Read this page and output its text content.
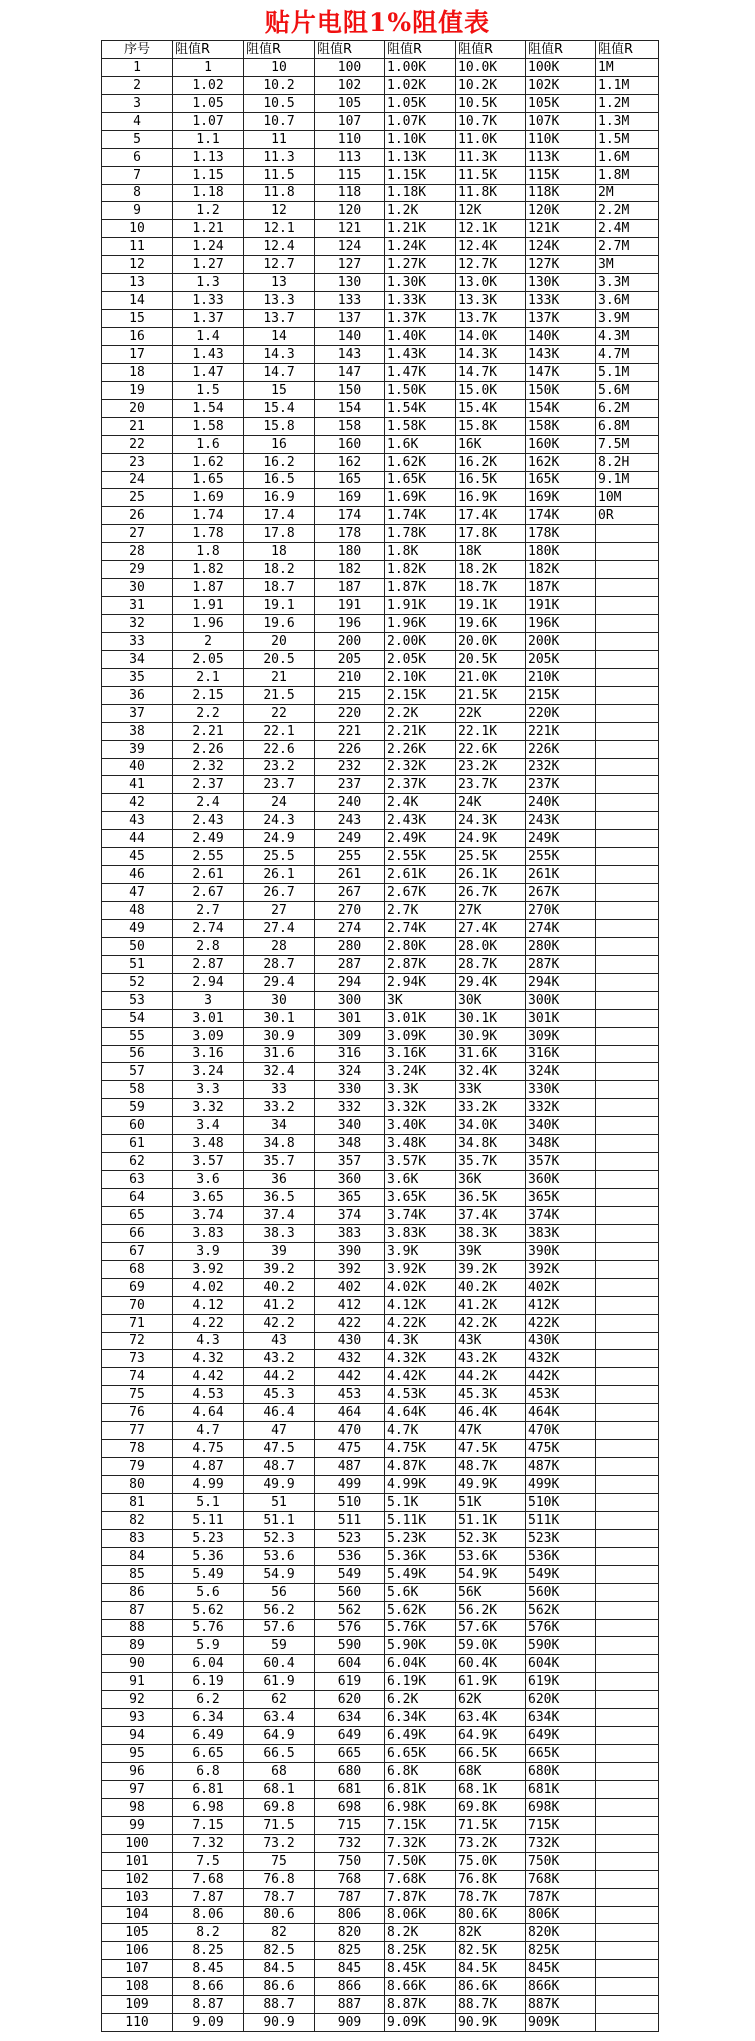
贴片电阻1%阻值表
序号	阻值R	阻值R	阻值R	阻值R	阻值R	阻值R	阻值R
1	1	10	100	1.00K	10.0K	100K	1M
2	1.02	10.2	102	1.02K	10.2K	102K	1.1M
3	1.05	10.5	105	1.05K	10.5K	105K	1.2M
4	1.07	10.7	107	1.07K	10.7K	107K	1.3M
5	1.1	11	110	1.10K	11.0K	110K	1.5M
6	1.13	11.3	113	1.13K	11.3K	113K	1.6M
7	1.15	11.5	115	1.15K	11.5K	115K	1.8M
8	1.18	11.8	118	1.18K	11.8K	118K	2M
9	1.2	12	120	1.2K	12K	120K	2.2M
10	1.21	12.1	121	1.21K	12.1K	121K	2.4M
11	1.24	12.4	124	1.24K	12.4K	124K	2.7M
12	1.27	12.7	127	1.27K	12.7K	127K	3M
13	1.3	13	130	1.30K	13.0K	130K	3.3M
14	1.33	13.3	133	1.33K	13.3K	133K	3.6M
15	1.37	13.7	137	1.37K	13.7K	137K	3.9M
16	1.4	14	140	1.40K	14.0K	140K	4.3M
17	1.43	14.3	143	1.43K	14.3K	143K	4.7M
18	1.47	14.7	147	1.47K	14.7K	147K	5.1M
19	1.5	15	150	1.50K	15.0K	150K	5.6M
20	1.54	15.4	154	1.54K	15.4K	154K	6.2M
21	1.58	15.8	158	1.58K	15.8K	158K	6.8M
22	1.6	16	160	1.6K	16K	160K	7.5M
23	1.62	16.2	162	1.62K	16.2K	162K	8.2H
24	1.65	16.5	165	1.65K	16.5K	165K	9.1M
25	1.69	16.9	169	1.69K	16.9K	169K	10M
26	1.74	17.4	174	1.74K	17.4K	174K	0R
27	1.78	17.8	178	1.78K	17.8K	178K	
28	1.8	18	180	1.8K	18K	180K	
29	1.82	18.2	182	1.82K	18.2K	182K	
30	1.87	18.7	187	1.87K	18.7K	187K	
31	1.91	19.1	191	1.91K	19.1K	191K	
32	1.96	19.6	196	1.96K	19.6K	196K	
33	2	20	200	2.00K	20.0K	200K	
34	2.05	20.5	205	2.05K	20.5K	205K	
35	2.1	21	210	2.10K	21.0K	210K	
36	2.15	21.5	215	2.15K	21.5K	215K	
37	2.2	22	220	2.2K	22K	220K	
38	2.21	22.1	221	2.21K	22.1K	221K	
39	2.26	22.6	226	2.26K	22.6K	226K	
40	2.32	23.2	232	2.32K	23.2K	232K	
41	2.37	23.7	237	2.37K	23.7K	237K	
42	2.4	24	240	2.4K	24K	240K	
43	2.43	24.3	243	2.43K	24.3K	243K	
44	2.49	24.9	249	2.49K	24.9K	249K	
45	2.55	25.5	255	2.55K	25.5K	255K	
46	2.61	26.1	261	2.61K	26.1K	261K	
47	2.67	26.7	267	2.67K	26.7K	267K	
48	2.7	27	270	2.7K	27K	270K	
49	2.74	27.4	274	2.74K	27.4K	274K	
50	2.8	28	280	2.80K	28.0K	280K	
51	2.87	28.7	287	2.87K	28.7K	287K	
52	2.94	29.4	294	2.94K	29.4K	294K	
53	3	30	300	3K	30K	300K	
54	3.01	30.1	301	3.01K	30.1K	301K	
55	3.09	30.9	309	3.09K	30.9K	309K	
56	3.16	31.6	316	3.16K	31.6K	316K	
57	3.24	32.4	324	3.24K	32.4K	324K	
58	3.3	33	330	3.3K	33K	330K	
59	3.32	33.2	332	3.32K	33.2K	332K	
60	3.4	34	340	3.40K	34.0K	340K	
61	3.48	34.8	348	3.48K	34.8K	348K	
62	3.57	35.7	357	3.57K	35.7K	357K	
63	3.6	36	360	3.6K	36K	360K	
64	3.65	36.5	365	3.65K	36.5K	365K	
65	3.74	37.4	374	3.74K	37.4K	374K	
66	3.83	38.3	383	3.83K	38.3K	383K	
67	3.9	39	390	3.9K	39K	390K	
68	3.92	39.2	392	3.92K	39.2K	392K	
69	4.02	40.2	402	4.02K	40.2K	402K	
70	4.12	41.2	412	4.12K	41.2K	412K	
71	4.22	42.2	422	4.22K	42.2K	422K	
72	4.3	43	430	4.3K	43K	430K	
73	4.32	43.2	432	4.32K	43.2K	432K	
74	4.42	44.2	442	4.42K	44.2K	442K	
75	4.53	45.3	453	4.53K	45.3K	453K	
76	4.64	46.4	464	4.64K	46.4K	464K	
77	4.7	47	470	4.7K	47K	470K	
78	4.75	47.5	475	4.75K	47.5K	475K	
79	4.87	48.7	487	4.87K	48.7K	487K	
80	4.99	49.9	499	4.99K	49.9K	499K	
81	5.1	51	510	5.1K	51K	510K	
82	5.11	51.1	511	5.11K	51.1K	511K	
83	5.23	52.3	523	5.23K	52.3K	523K	
84	5.36	53.6	536	5.36K	53.6K	536K	
85	5.49	54.9	549	5.49K	54.9K	549K	
86	5.6	56	560	5.6K	56K	560K	
87	5.62	56.2	562	5.62K	56.2K	562K	
88	5.76	57.6	576	5.76K	57.6K	576K	
89	5.9	59	590	5.90K	59.0K	590K	
90	6.04	60.4	604	6.04K	60.4K	604K	
91	6.19	61.9	619	6.19K	61.9K	619K	
92	6.2	62	620	6.2K	62K	620K	
93	6.34	63.4	634	6.34K	63.4K	634K	
94	6.49	64.9	649	6.49K	64.9K	649K	
95	6.65	66.5	665	6.65K	66.5K	665K	
96	6.8	68	680	6.8K	68K	680K	
97	6.81	68.1	681	6.81K	68.1K	681K	
98	6.98	69.8	698	6.98K	69.8K	698K	
99	7.15	71.5	715	7.15K	71.5K	715K	
100	7.32	73.2	732	7.32K	73.2K	732K	
101	7.5	75	750	7.50K	75.0K	750K	
102	7.68	76.8	768	7.68K	76.8K	768K	
103	7.87	78.7	787	7.87K	78.7K	787K	
104	8.06	80.6	806	8.06K	80.6K	806K	
105	8.2	82	820	8.2K	82K	820K	
106	8.25	82.5	825	8.25K	82.5K	825K	
107	8.45	84.5	845	8.45K	84.5K	845K	
108	8.66	86.6	866	8.66K	86.6K	866K	
109	8.87	88.7	887	8.87K	88.7K	887K	
110	9.09	90.9	909	9.09K	90.9K	909K	
